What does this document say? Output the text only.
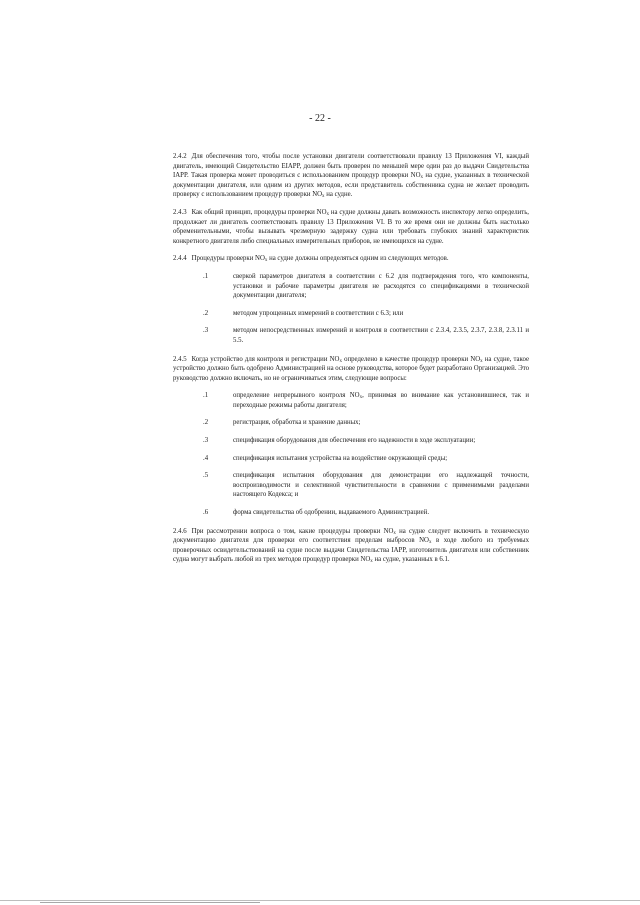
- 22 -

2.4.2 Для обеспечения того, чтобы после установки двигатели соответствовали правилу 13 Приложения VI, каждый двигатель, имеющий Свидетельство EIAPP, должен быть проверен по меньшей мере один раз до выдачи Свидетельства IAPP. Такая проверка может проводиться с использованием процедур проверки $NO_x$ на судне, указанных в технической документации двигателя, или одним из других методов, если представитель собственника судна не желает проводить проверку с использованием процедур проверки $NO_x$ на судне.

2.4.3 Как общий принцип, процедуры проверки $NO_x$ на судне должны давать возможность инспектору легко определить, продолжает ли двигатель соответствовать правилу 13 Приложения VI. В то же время они не должны быть настолько обременительными, чтобы вызывать чрезмерную задержку судна или требовать глубоких знаний характеристик конкретного двигателя либо специальных измерительных приборов, не имеющихся на судне.

2.4.4 Процедуры проверки $NO_x$ на судне должны определяться одним из следующих методов.

.1	сверкой параметров двигателя в соответствии с 6.2 для подтверждения того, что компоненты, установки и рабочие параметры двигателя не расходятся со спецификациями в технической документации двигателя;
.2	методом упрощенных измерений в соответствии с 6.3; или
.3	методом непосредственных измерений и контроля в соответствии с 2.3.4, 2.3.5, 2.3.7, 2.3.8, 2.3.11 и 5.5.

2.4.5 Когда устройство для контроля и регистрации $NO_x$ определено в качестве процедур проверки $NO_x$ на судне, такое устройство должно быть одобрено Администрацией на основе руководства, которое будет разработано Организацией. Это руководство должно включать, но не ограничиваться этим, следующие вопросы:

.1	определение непрерывного контроля $NO_x$, принимая во внимание как установившиеся, так и переходные режимы работы двигателя;
.2	регистрация, обработка и хранение данных;
.3	спецификация оборудования для обеспечения его надежности в ходе эксплуатации;
.4	спецификация испытания устройства на воздействие окружающей среды;
.5	спецификация испытания оборудования для демонстрации его надлежащей точности, воспроизводимости и селективной чувствительности в сравнении с применимыми разделами настоящего Кодекса; и
.6	форма свидетельства об одобрении, выдаваемого Администрацией.

2.4.6 При рассмотрении вопроса о том, какие процедуры проверки $NO_x$ на судне следует включить в техническую документацию двигателя для проверки его соответствия пределам выбросов $NO_x$ в ходе любого из требуемых проверочных освидетельствований на судне после выдачи Свидетельства IAPP, изготовитель двигателя или собственник судна могут выбрать любой из трех методов процедур проверки $NO_x$ на судне, указанных в 6.1.
